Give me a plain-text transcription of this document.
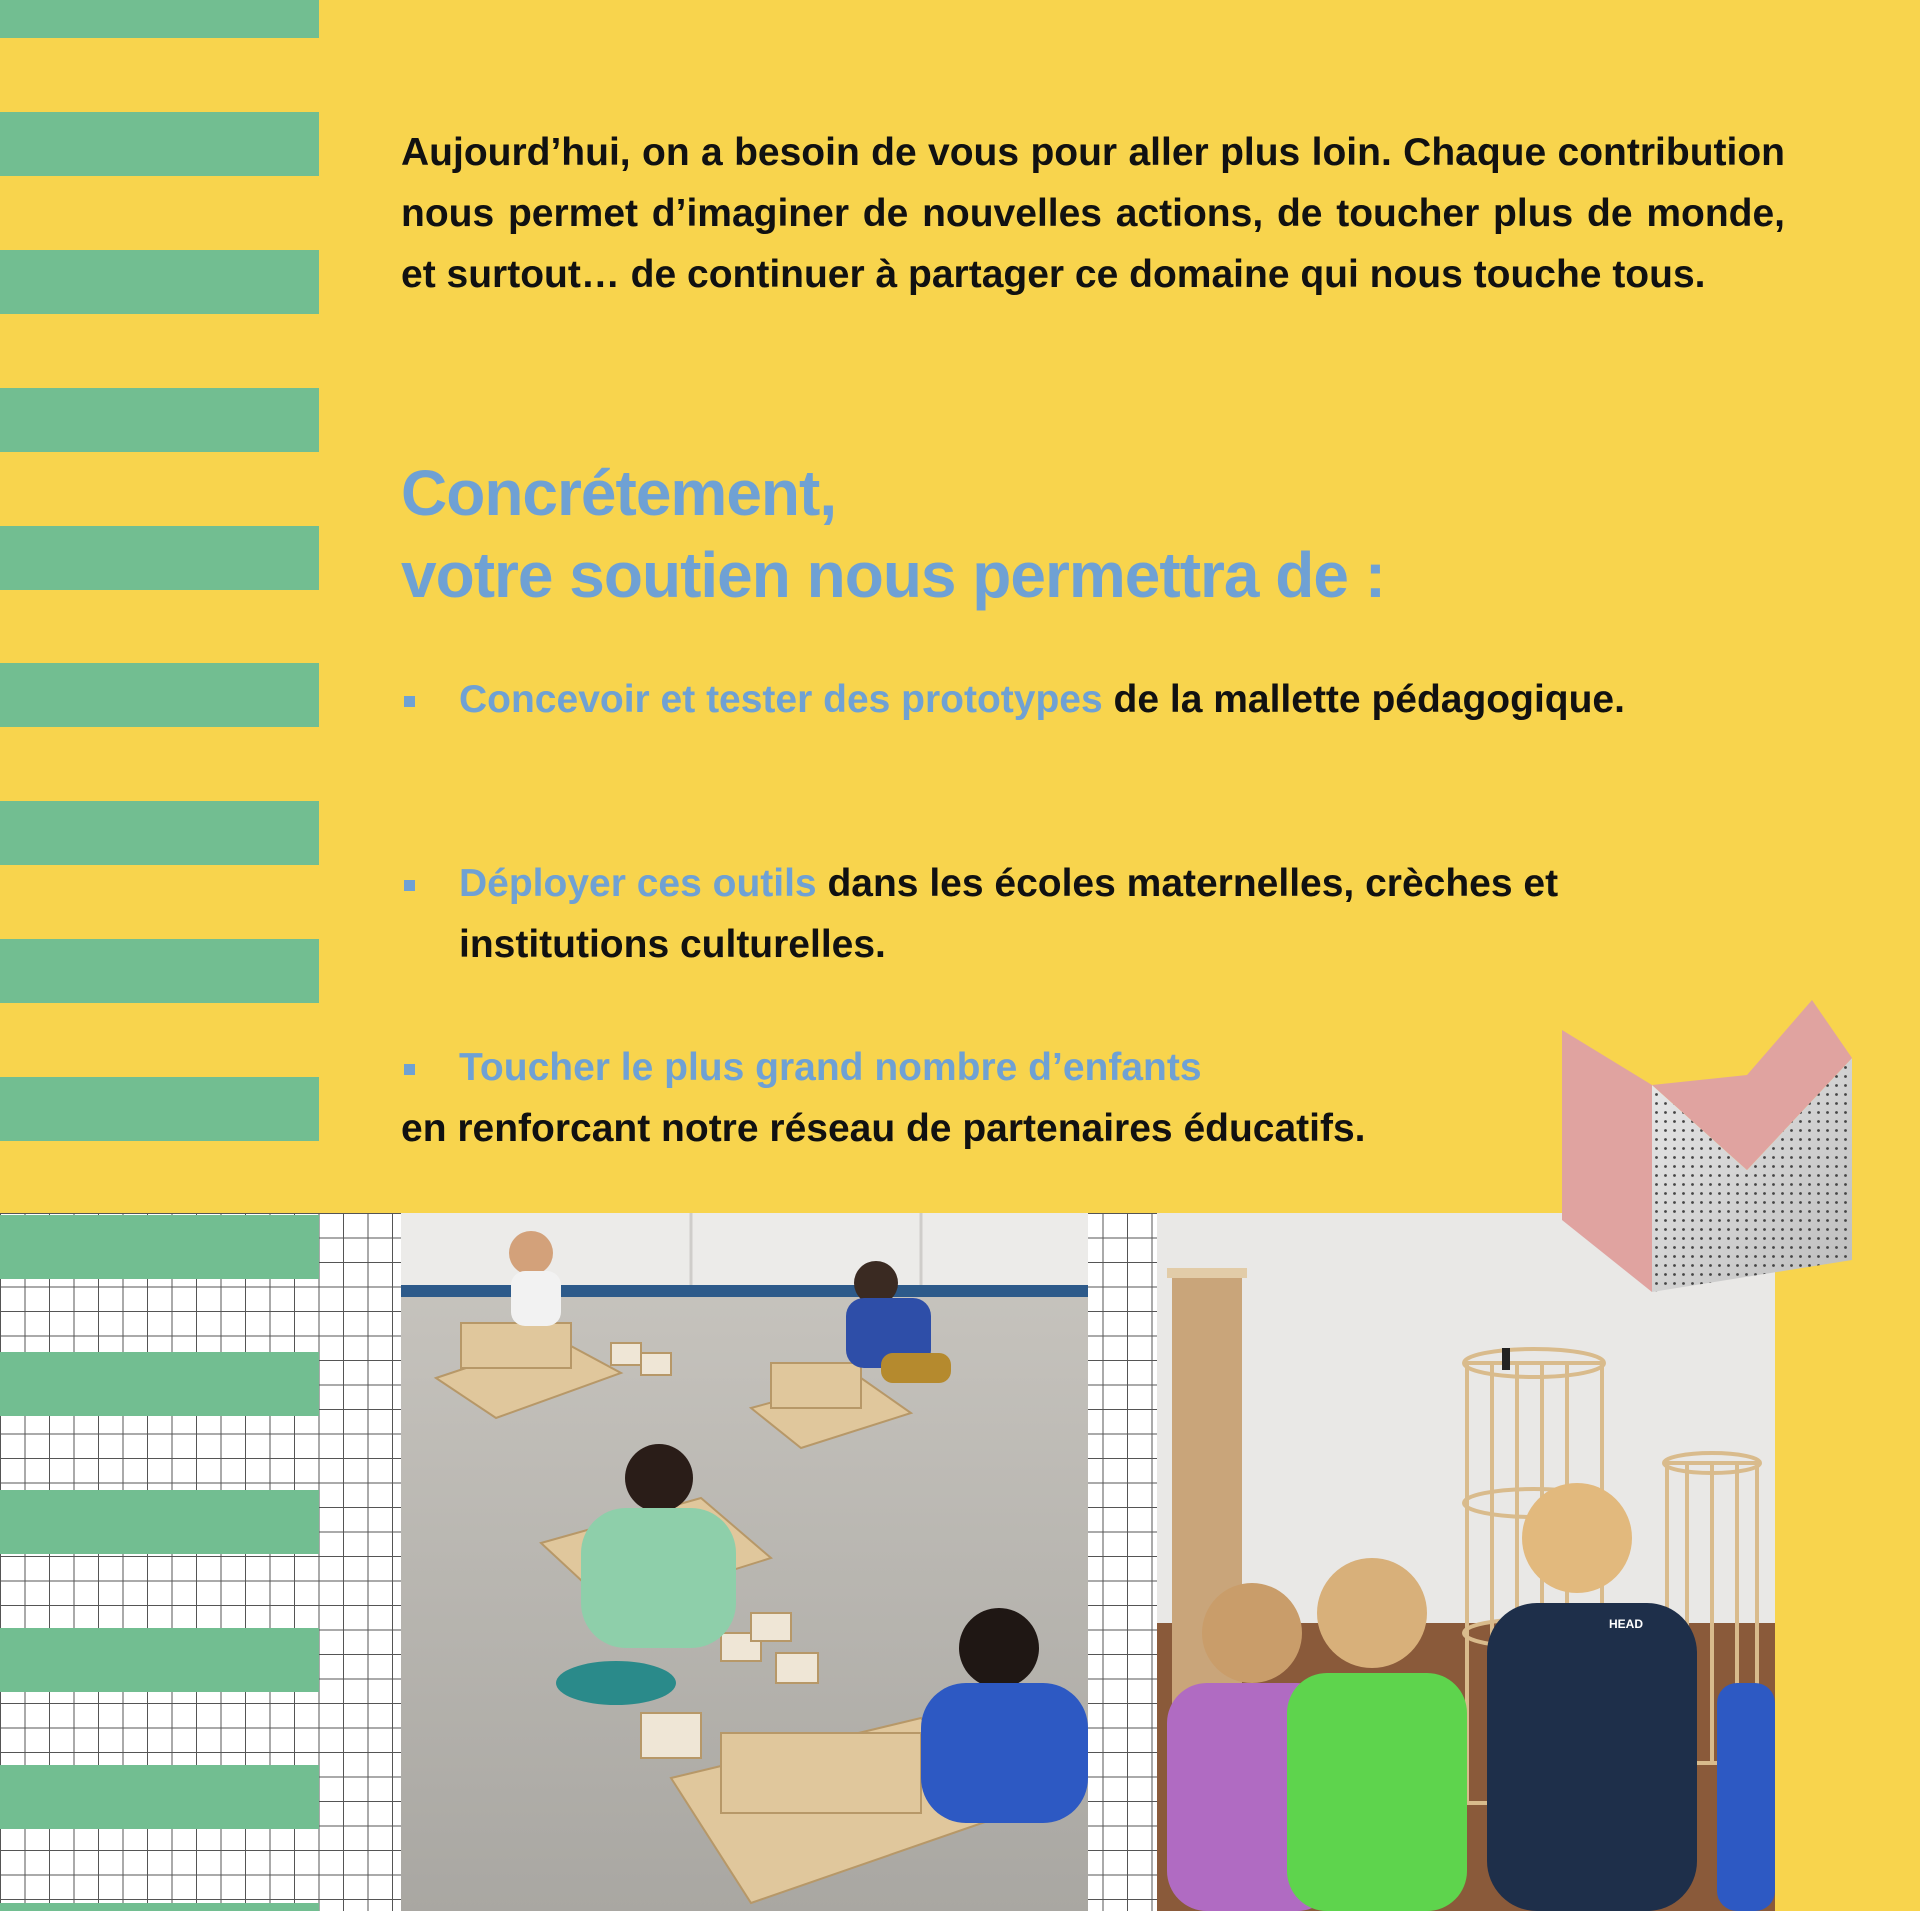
Aujourd’hui, on a besoin de vous pour aller plus loin. Chaque contribution nous permet d’imaginer de nouvelles actions, de toucher plus de monde, et surtout… de continuer à partager ce domaine qui nous touche tous.

Concrétement,
votre soutien nous permettra de :
Concevoir et tester des prototypes de la mallette pédagogique.
Déployer ces outils dans les écoles maternelles, crèches et institutions culturelles.
Toucher le plus grand nombre d’enfants
en renforcant notre réseau de partenaires éducatifs.
HEAD
